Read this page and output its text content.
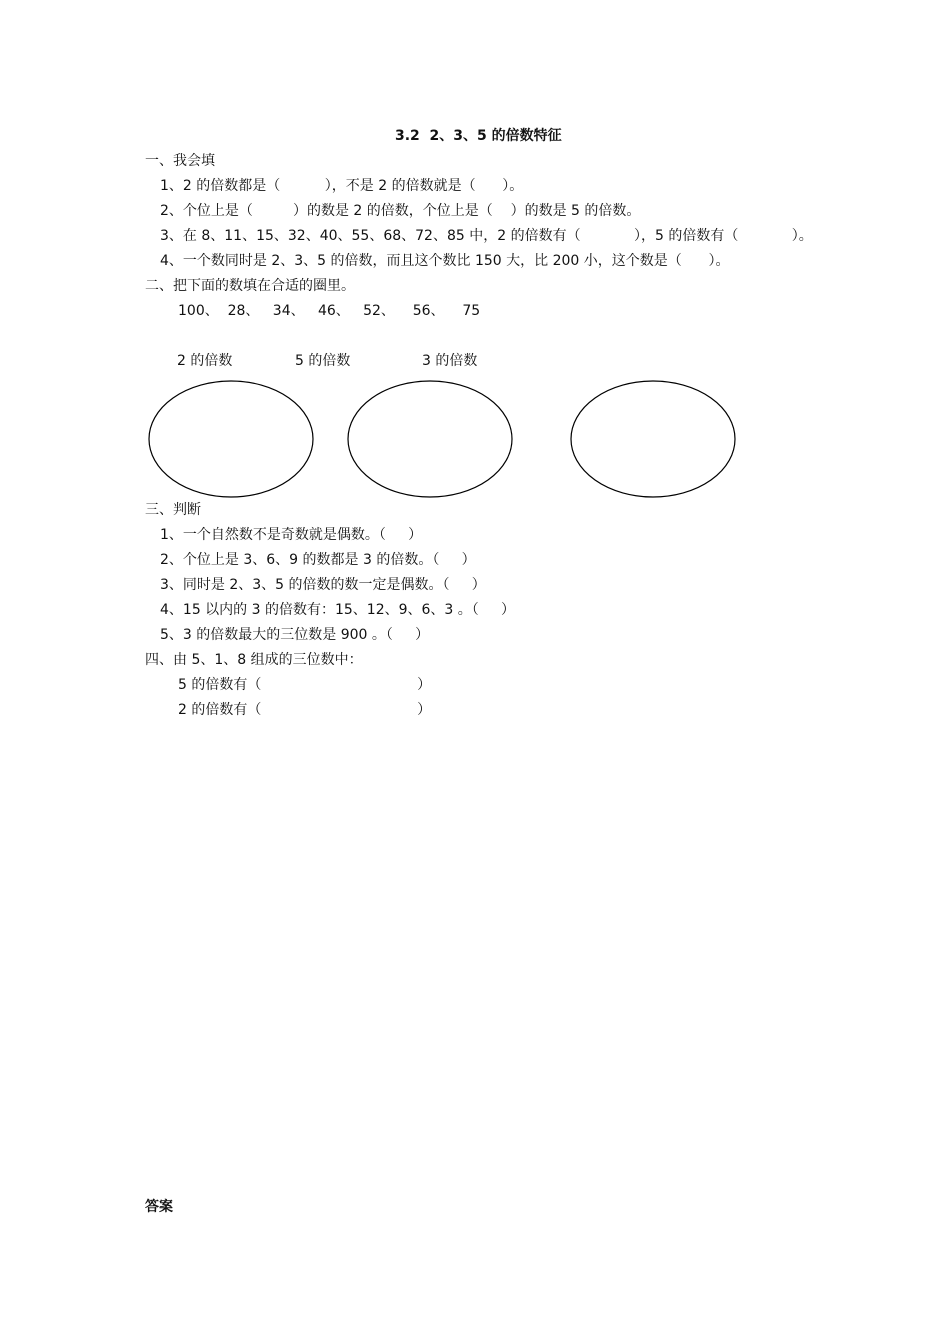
3.2  2、3、5 的倍数特征
一、我会填
1、2 的倍数都是（          ），不是 2 的倍数就是（      ）。
2、个位上是（         ）的数是 2 的倍数，个位上是（    ）的数是 5 的倍数。
3、在 8、11、15、32、40、55、68、72、85 中，2 的倍数有（            ），5 的倍数有（            ）。
4、一个数同时是 2、3、5 的倍数，而且这个数比 150 大，比 200 小，这个数是（      ）。
二、把下面的数填在合适的圈里。
100、  28、   34、   46、   52、    56、    75
2 的倍数	5 的倍数	3 的倍数
三、判断
1、一个自然数不是奇数就是偶数。（     ）
2、个位上是 3、6、9 的数都是 3 的倍数。（     ）
3、同时是 2、3、5 的倍数的数一定是偶数。（     ）
4、15 以内的 3 的倍数有：15、12、9、6、3 。（     ）
5、3 的倍数最大的三位数是 900 。（     ）
四、由 5、1、8 组成的三位数中：
5 的倍数有（                                   ）
2 的倍数有（                                   ）
答案
